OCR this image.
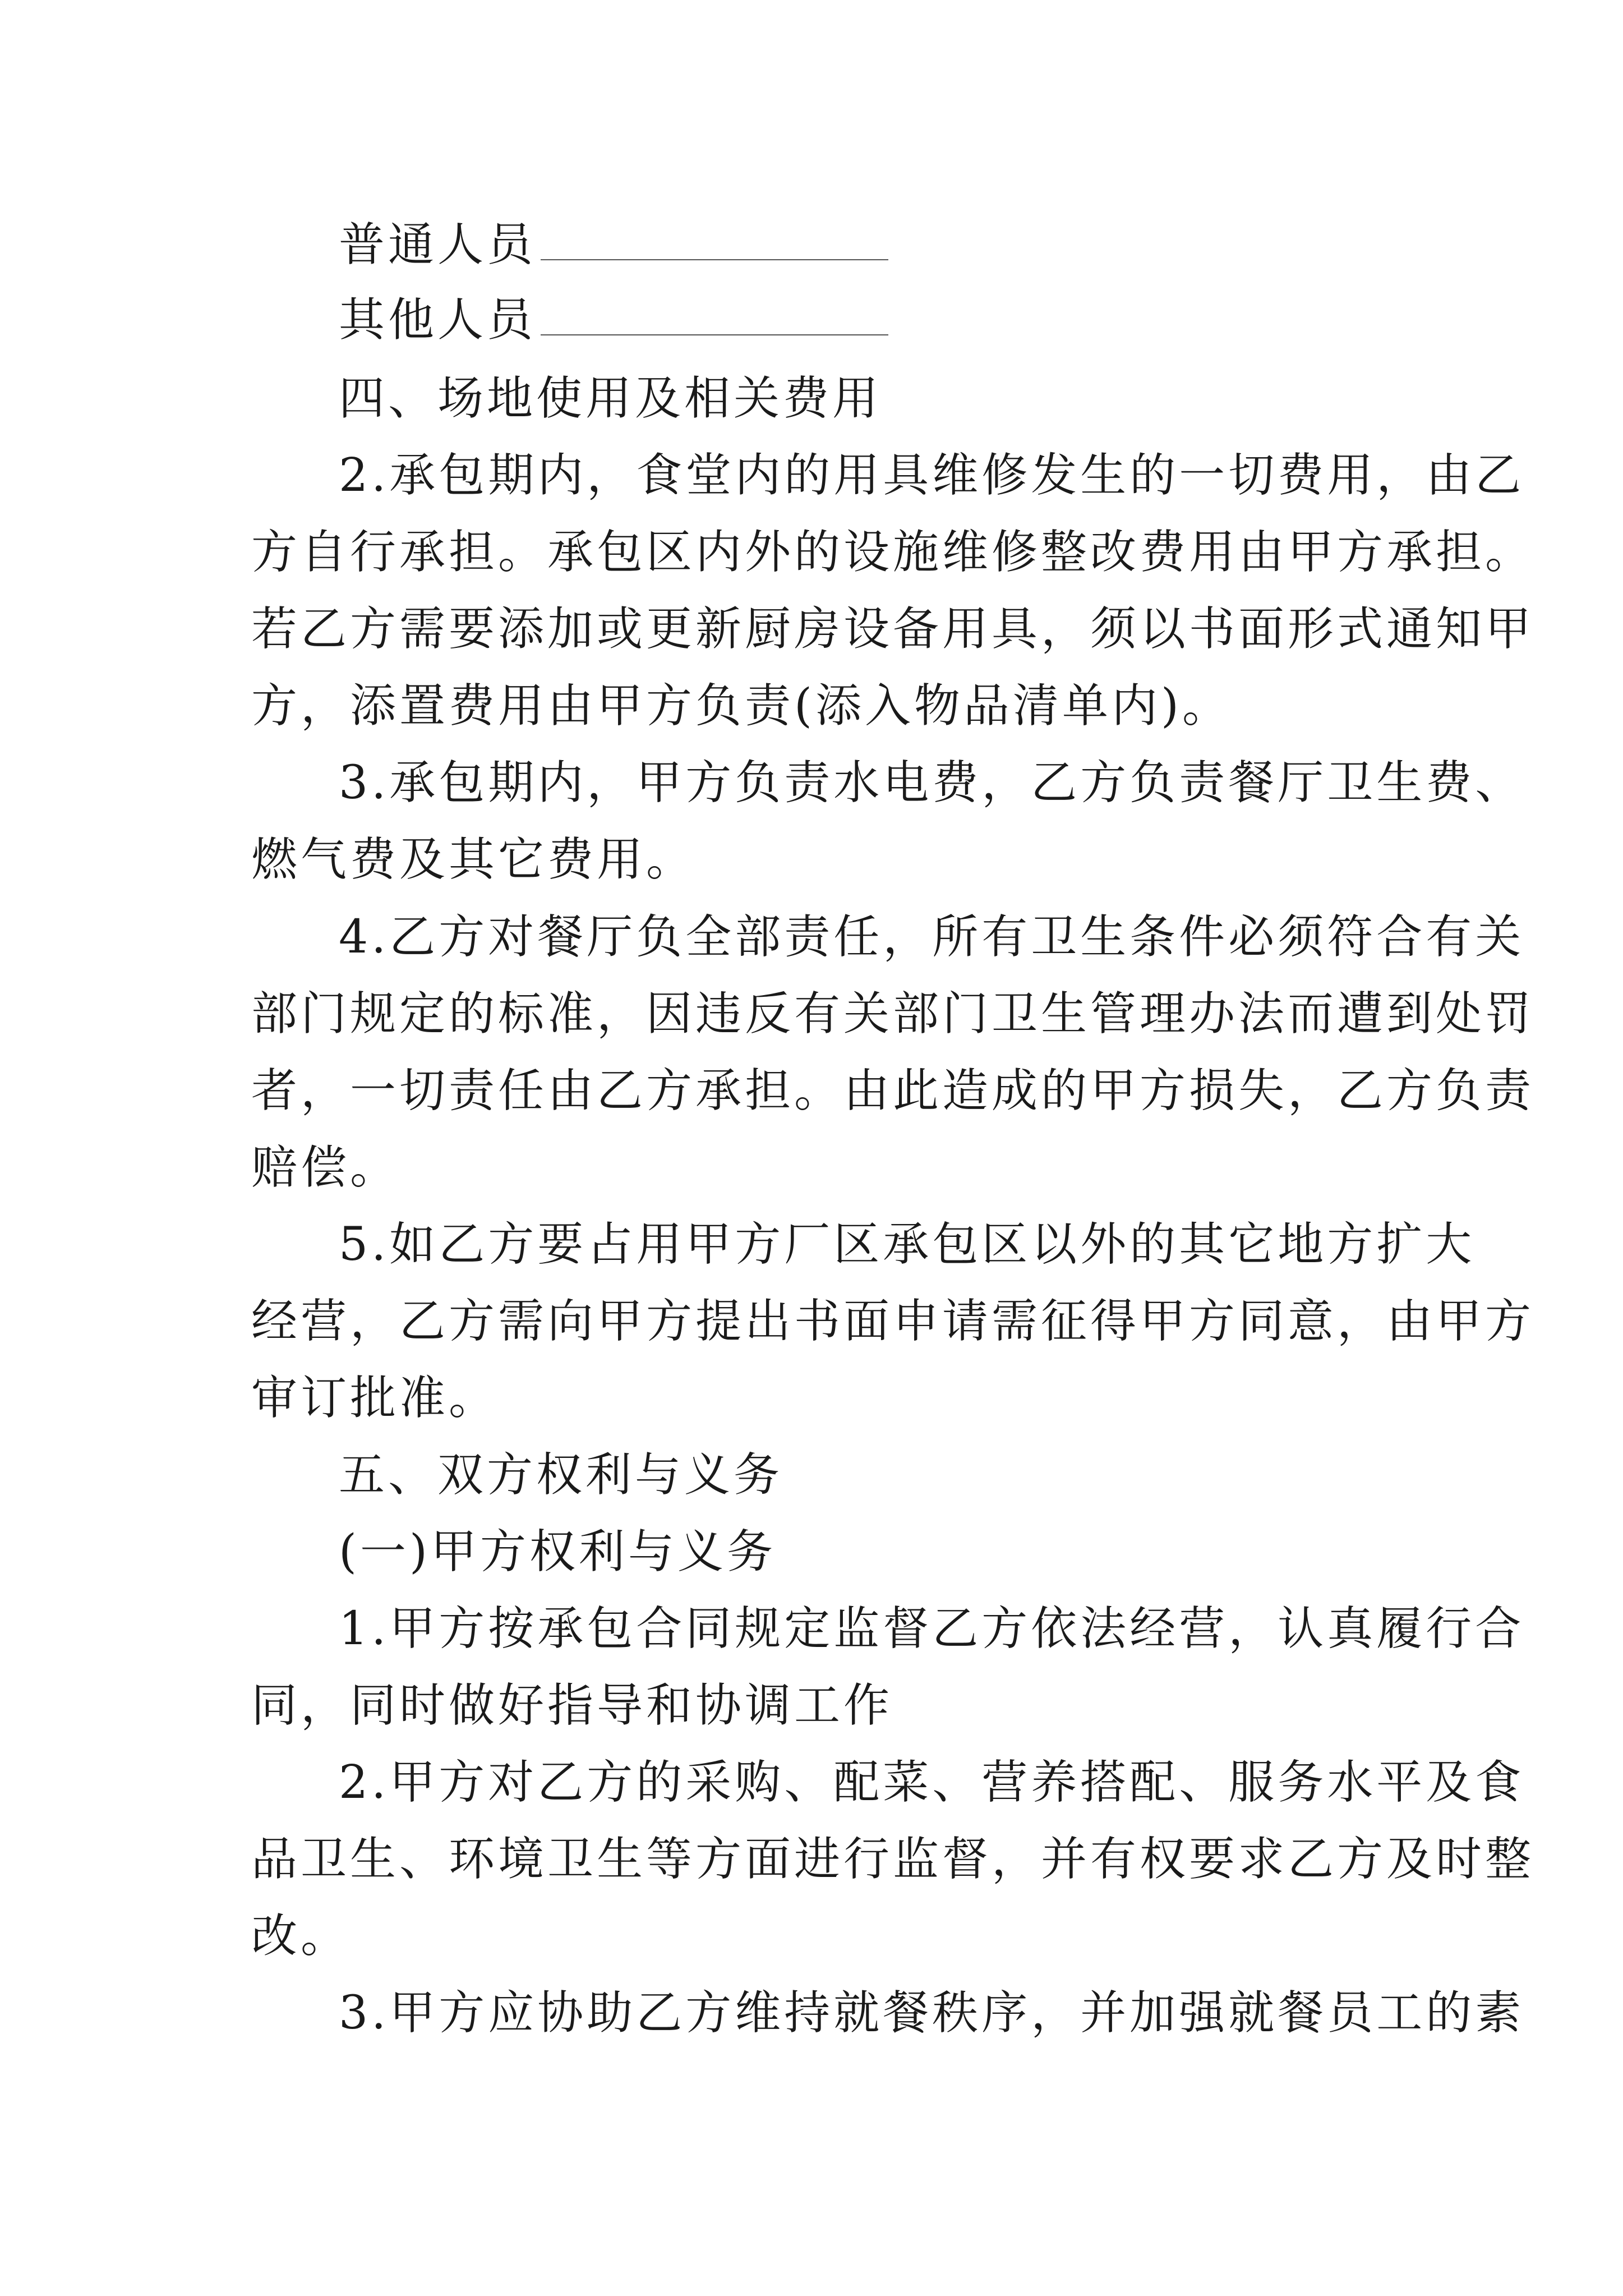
普通人员
其他人员
四、场地使用及相关费用
2.承包期内，食堂内的用具维修发生的一切费用，由乙
方自行承担。承包区内外的设施维修整改费用由甲方承担。
若乙方需要添加或更新厨房设备用具，须以书面形式通知甲
方，添置费用由甲方负责(添入物品清单内)。
3.承包期内，甲方负责水电费，乙方负责餐厅卫生费、
燃气费及其它费用。
4.乙方对餐厅负全部责任，所有卫生条件必须符合有关
部门规定的标准，因违反有关部门卫生管理办法而遭到处罚
者，一切责任由乙方承担。由此造成的甲方损失，乙方负责
赔偿。
5.如乙方要占用甲方厂区承包区以外的其它地方扩大
经营，乙方需向甲方提出书面申请需征得甲方同意，由甲方
审订批准。
五、双方权利与义务
(一)甲方权利与义务
1.甲方按承包合同规定监督乙方依法经营，认真履行合
同，同时做好指导和协调工作
2.甲方对乙方的采购、配菜、营养搭配、服务水平及食
品卫生、环境卫生等方面进行监督，并有权要求乙方及时整
改。
3.甲方应协助乙方维持就餐秩序，并加强就餐员工的素
